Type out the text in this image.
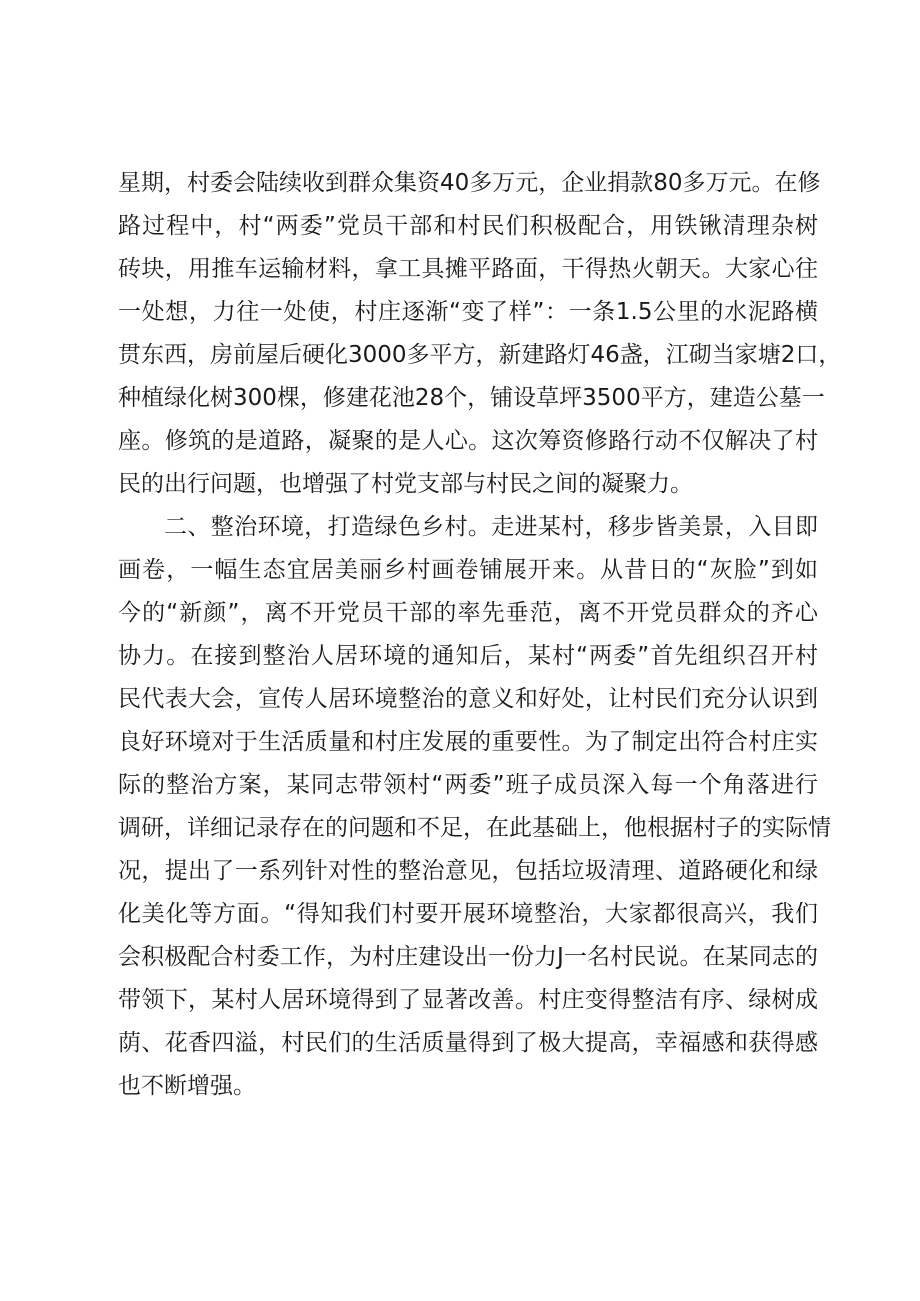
星期，村委会陆续收到群众集资40多万元，企业捐款80多万元。在修
路过程中，村“两委”党员干部和村民们积极配合，用铁锹清理杂树
砖块，用推车运输材料，拿工具摊平路面，干得热火朝天。大家心往
一处想，力往一处使，村庄逐渐“变了样”：一条1.5公里的水泥路横
贯东西，房前屋后硬化3000多平方，新建路灯46盏，江砌当家塘2口，
种植绿化树300棵，修建花池28个，铺设草坪3500平方，建造公墓一
座。修筑的是道路，凝聚的是人心。这次筹资修路行动不仅解决了村
民的出行问题，也增强了村党支部与村民之间的凝聚力。
二、整治环境，打造绿色乡村。走进某村，移步皆美景，入目即
画卷，一幅生态宜居美丽乡村画卷铺展开来。从昔日的“灰脸”到如
今的“新颜”，离不开党员干部的率先垂范，离不开党员群众的齐心
协力。在接到整治人居环境的通知后，某村“两委”首先组织召开村
民代表大会，宣传人居环境整治的意义和好处，让村民们充分认识到
良好环境对于生活质量和村庄发展的重要性。为了制定出符合村庄实
际的整治方案，某同志带领村“两委”班子成员深入每一个角落进行
调研，详细记录存在的问题和不足，在此基础上，他根据村子的实际情
况，提出了一系列针对性的整治意见，包括垃圾清理、道路硬化和绿
化美化等方面。“得知我们村要开展环境整治，大家都很高兴，我们
会积极配合村委工作，为村庄建设出一份力J一名村民说。在某同志的
带领下，某村人居环境得到了显著改善。村庄变得整洁有序、绿树成
荫、花香四溢，村民们的生活质量得到了极大提高，幸福感和获得感
也不断增强。
